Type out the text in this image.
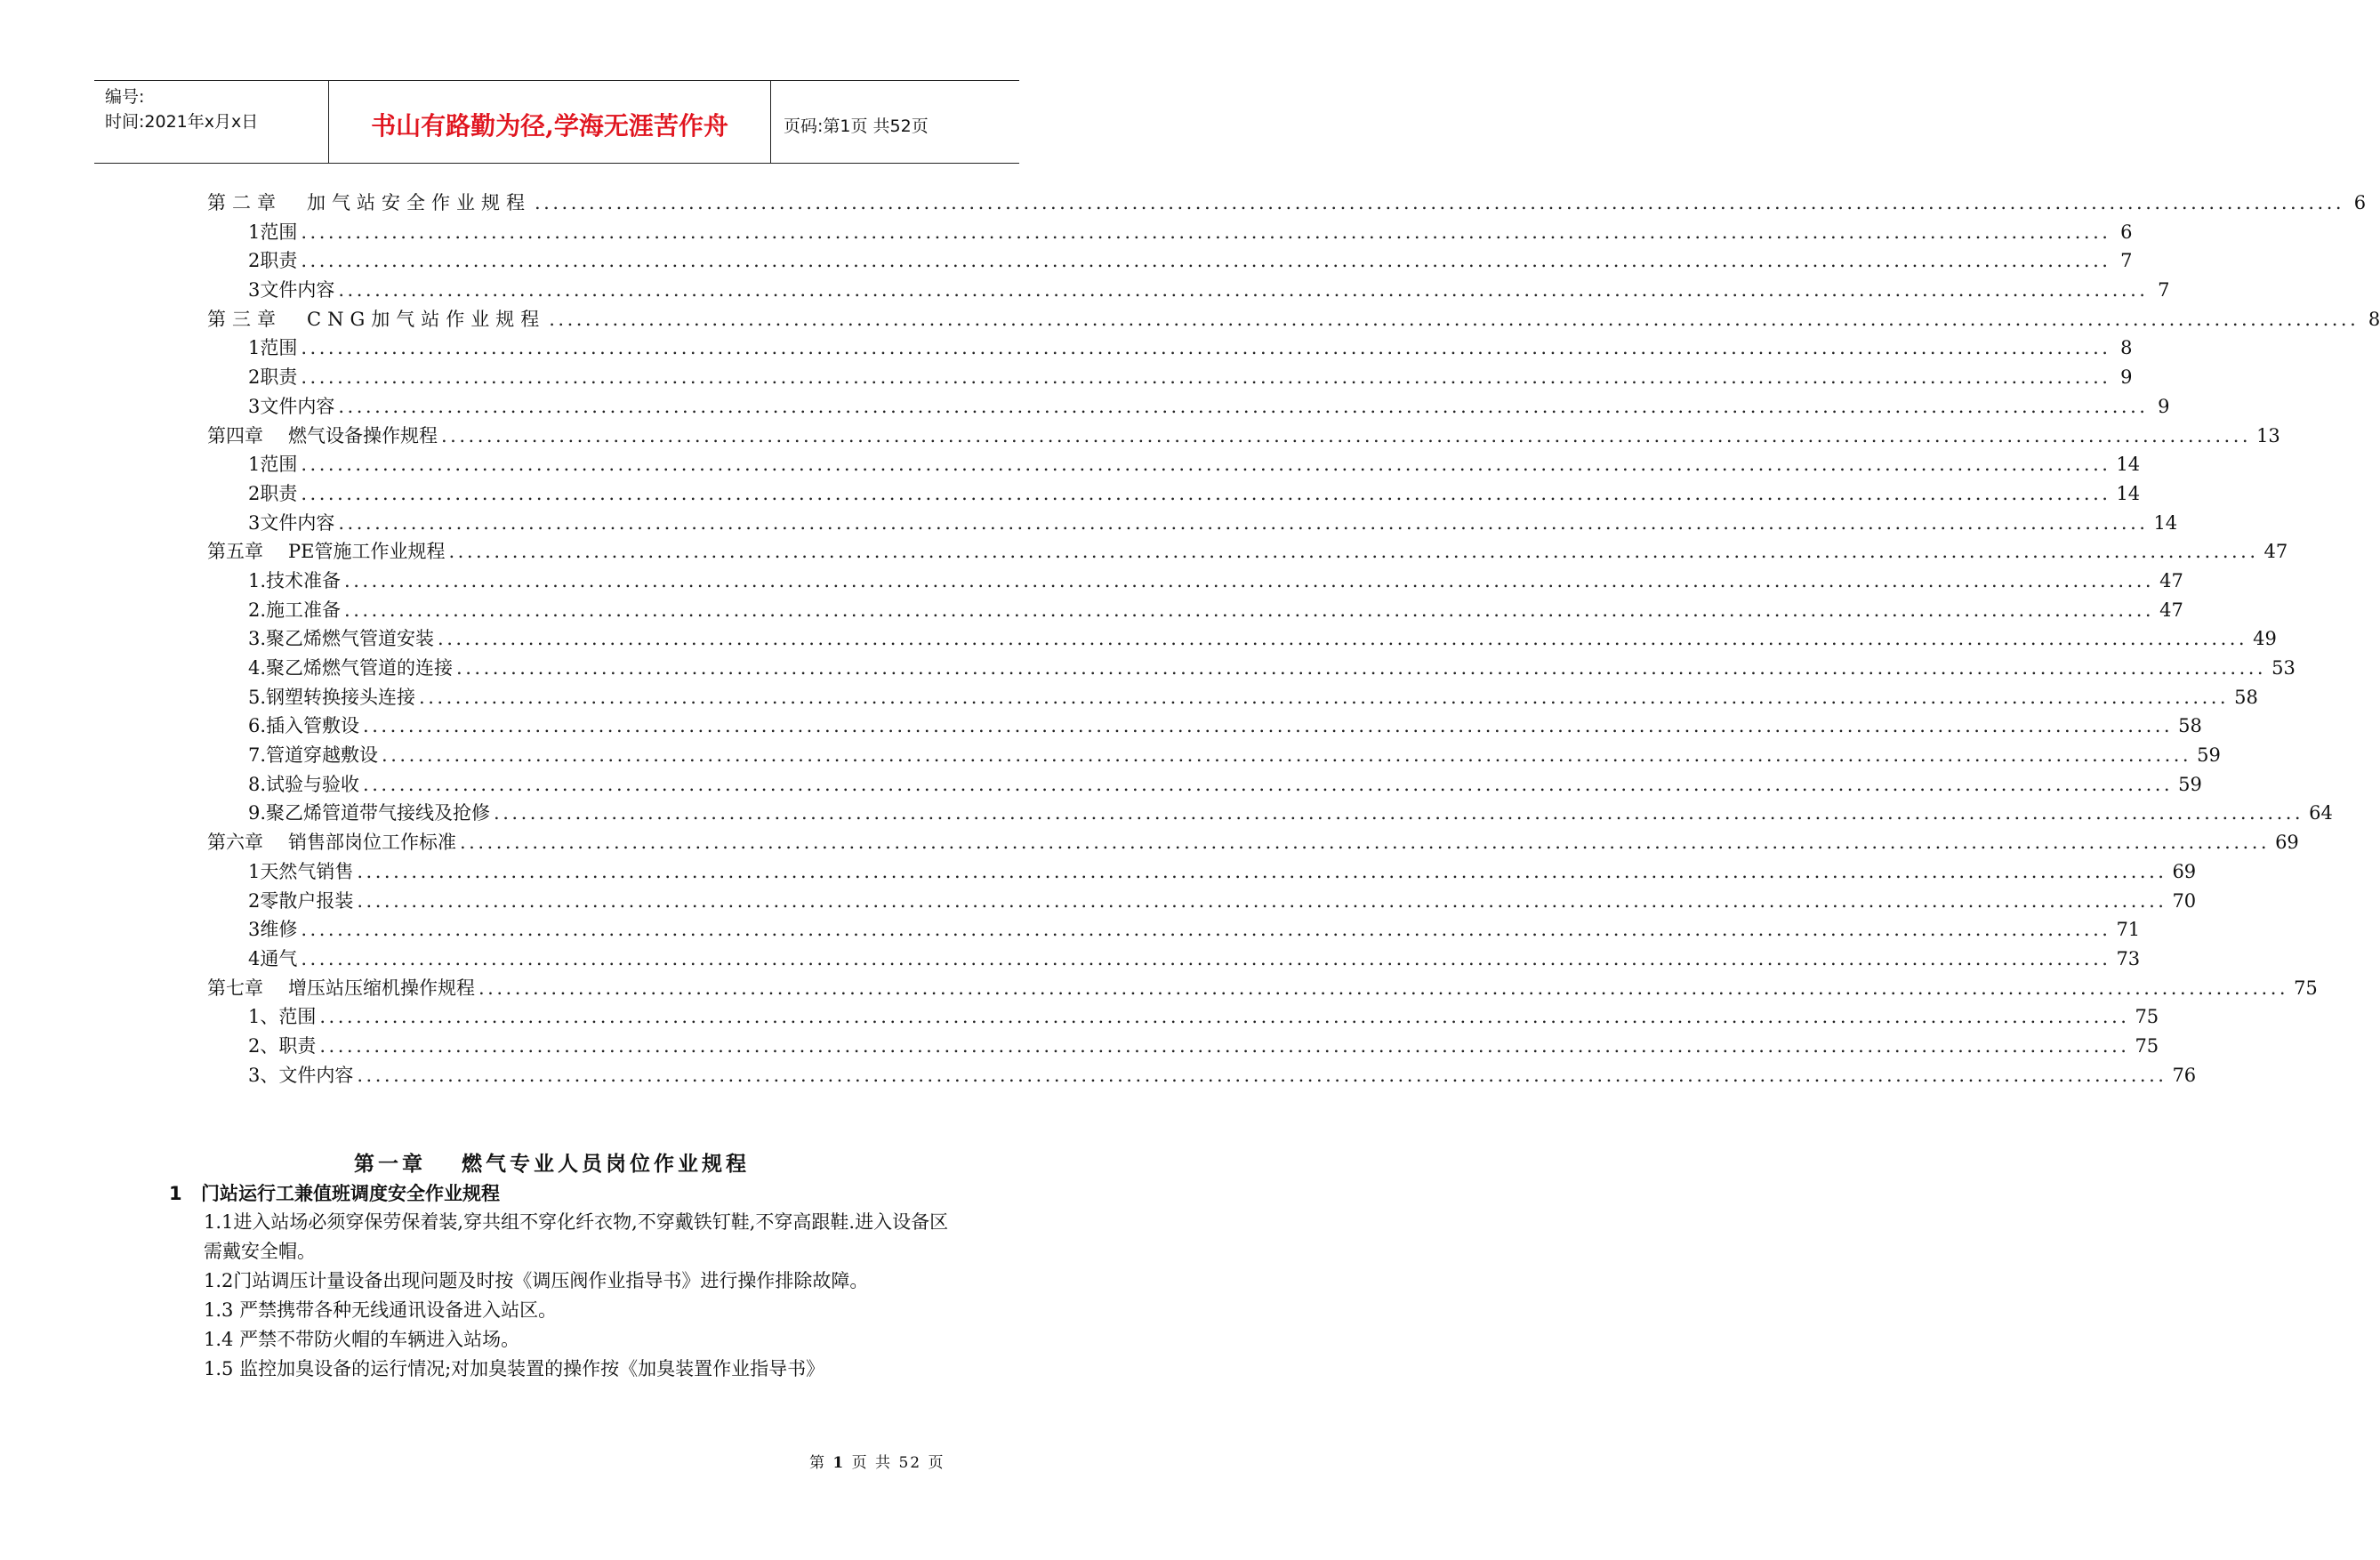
编号:
时间:2021年x月x日	书山有路勤为径,学海无涯苦作舟	页码:第1页 共52页
第二章 加气站安全作业规程 ........................................................................................................................................................................................................ 6
1 范围 ........................................................................................................................................................................................................ 6
2 职责 ........................................................................................................................................................................................................ 7
3 文件内容 ........................................................................................................................................................................................................ 7
第三章 CNG加气站作业规程 ........................................................................................................................................................................................................ 8
1 范围 ........................................................................................................................................................................................................ 8
2 职责 ........................................................................................................................................................................................................ 9
3 文件内容 ........................................................................................................................................................................................................ 9
第四章 燃气设备操作规程 ........................................................................................................................................................................................................ 13
1 范围 ........................................................................................................................................................................................................ 14
2 职责 ........................................................................................................................................................................................................ 14
3 文件内容 ........................................................................................................................................................................................................ 14
第五章 PE管施工作业规程 ........................................................................................................................................................................................................ 47
1. 技术准备 ........................................................................................................................................................................................................ 47
2. 施工准备 ........................................................................................................................................................................................................ 47
3. 聚乙烯燃气管道安装 ........................................................................................................................................................................................................ 49
4. 聚乙烯燃气管道的连接 ........................................................................................................................................................................................................ 53
5. 钢塑转换接头连接 ........................................................................................................................................................................................................ 58
6. 插入管敷设 ........................................................................................................................................................................................................ 58
7. 管道穿越敷设 ........................................................................................................................................................................................................ 59
8. 试验与验收 ........................................................................................................................................................................................................ 59
9. 聚乙烯管道带气接线及抢修 ........................................................................................................................................................................................................ 64
第六章 销售部岗位工作标准 ........................................................................................................................................................................................................ 69
1 天然气销售 ........................................................................................................................................................................................................ 69
2 零散户报装 ........................................................................................................................................................................................................ 70
3 维修 ........................................................................................................................................................................................................ 71
4 通气 ........................................................................................................................................................................................................ 73
第七章 增压站压缩机操作规程 ........................................................................................................................................................................................................ 75
1、 范围 ........................................................................................................................................................................................................ 75
2、 职责 ........................................................................................................................................................................................................ 75
3、 文件内容 ........................................................................................................................................................................................................ 76
第一章 燃气专业人员岗位作业规程
1 门站运行工兼值班调度安全作业规程

1.1进入站场必须穿保劳保着装,穿共组不穿化纤衣物,不穿戴铁钉鞋,不穿高跟鞋.进入设备区需戴安全帽。

1.2门站调压计量设备出现问题及时按《调压阀作业指导书》进行操作排除故障。

1.3 严禁携带各种无线通讯设备进入站区。

1.4 严禁不带防火帽的车辆进入站场。

1.5 监控加臭设备的运行情况;对加臭装置的操作按《加臭装置作业指导书》

第 1 页 共 52 页
